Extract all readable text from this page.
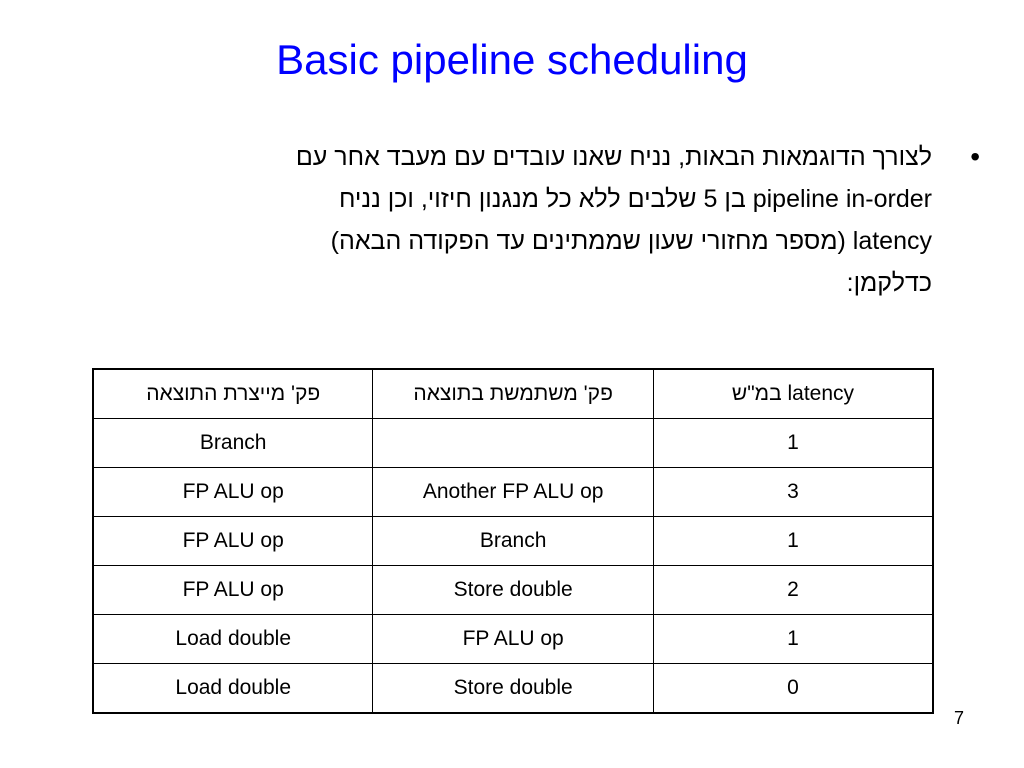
Basic pipeline scheduling
•
לצורך הדוגמאות הבאות, נניח שאנו עובדים עם מעבד אחר עם
pipeline in-order בן 5 שלבים ללא כל מנגנון חיזוי, וכן נניח
latency (מספר מחזורי שעון שממתינים עד הפקודה הבאה)
כדלקמן:
latency במ"ש	פק' משתמשת בתוצאה	פק' מייצרת התוצאה
1		Branch
3	Another FP ALU op	FP ALU op
1	Branch	FP ALU op
2	Store double	FP ALU op
1	FP ALU op	Load double
0	Store double	Load double
7
